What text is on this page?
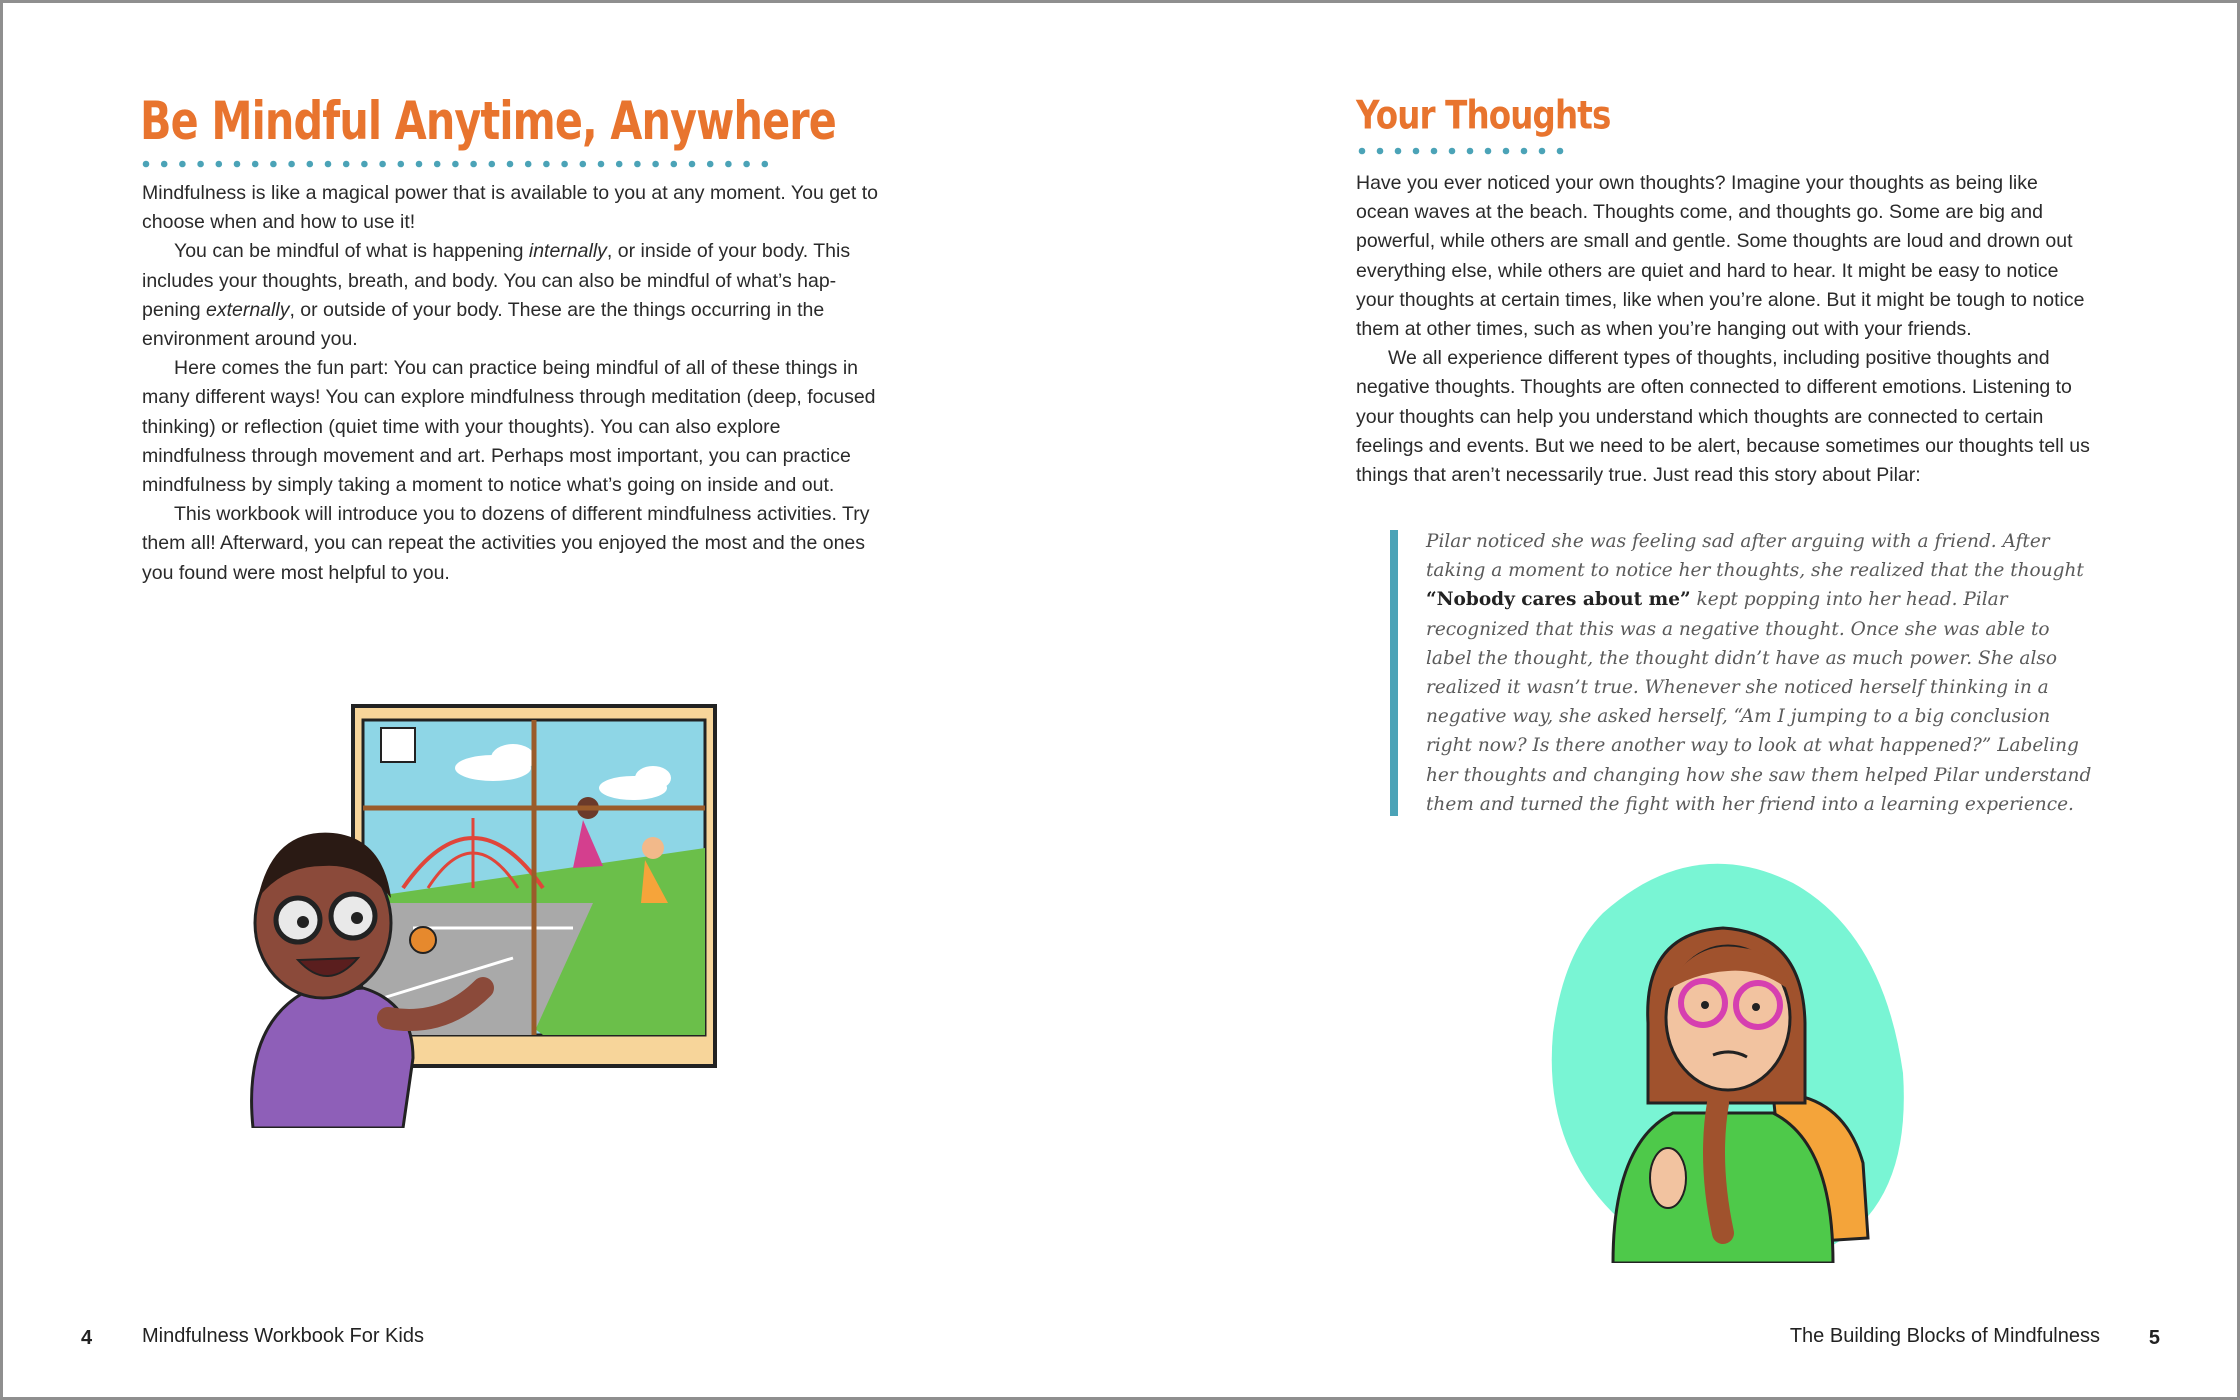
Be Mindful Anytime, Anywhere

Mindfulness is like a magical power that is available to you at any moment. You get to choose when and how to use it!

You can be mindful of what is happening internally, or inside of your body. This includes your thoughts, breath, and body. You can also be mindful of what’s happening externally, or outside of your body. These are the things occurring in the environment around you.

Here comes the fun part: You can practice being mindful of all of these things in many different ways! You can explore mindfulness through meditation (deep, focused thinking) or reflection (quiet time with your thoughts). You can also explore mindfulness through movement and art. Perhaps most important, you can practice mindfulness by simply taking a moment to notice what’s going on inside and out.

This workbook will introduce you to dozens of different mindfulness activities. Try them all! Afterward, you can repeat the activities you enjoyed the most and the ones you found were most helpful to you.

Your Thoughts

Have you ever noticed your own thoughts? Imagine your thoughts as being like ocean waves at the beach. Thoughts come, and thoughts go. Some are big and powerful, while others are small and gentle. Some thoughts are loud and drown out everything else, while others are quiet and hard to hear. It might be easy to notice your thoughts at certain times, like when you’re alone. But it might be tough to notice them at other times, such as when you’re hanging out with your friends.

We all experience different types of thoughts, including positive thoughts and negative thoughts. Thoughts are often connected to different emotions. Listening to your thoughts can help you understand which thoughts are connected to certain feelings and events. But we need to be alert, because sometimes our thoughts tell us things that aren’t necessarily true. Just read this story about Pilar:

Pilar noticed she was feeling sad after arguing with a friend. After taking a moment to notice her thoughts, she realized that the thought “Nobody cares about me” kept popping into her head. Pilar recognized that this was a negative thought. Once she was able to label the thought, the thought didn’t have as much power. She also realized it wasn’t true. Whenever she noticed herself thinking in a negative way, she asked herself, “Am I jumping to a big conclusion right now? Is there another way to look at what happened?” Labeling her thoughts and changing how she saw them helped Pilar understand them and turned the fight with her friend into a learning experience.

4 Mindfulness Workbook For Kids	The Building Blocks of Mindfulness 5
